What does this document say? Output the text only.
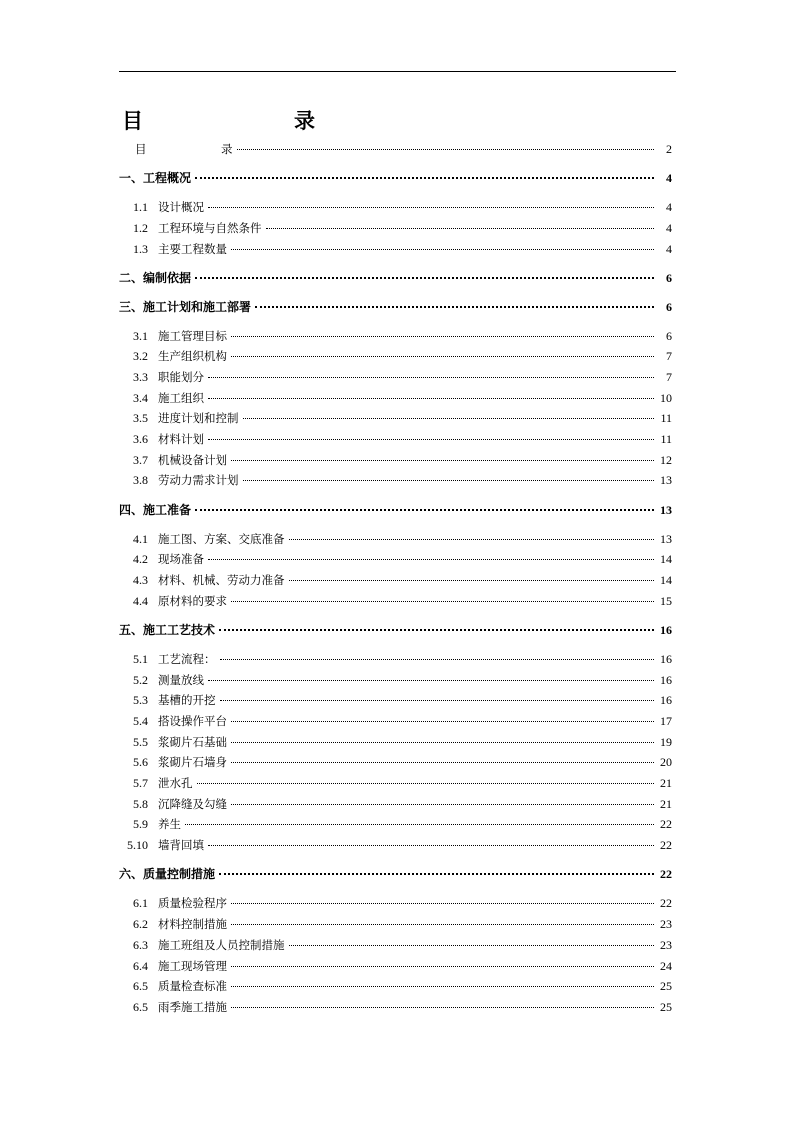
目	录
目	录	2
一、工程概况	4
1.1 设计概况	4
1.2 工程环境与自然条件	4
1.3 主要工程数量	4
二、编制依据	6
三、施工计划和施工部署	6
3.1 施工管理目标	6
3.2 生产组织机构	7
3.3 职能划分	7
3.4 施工组织	10
3.5 进度计划和控制	11
3.6 材料计划	11
3.7 机械设备计划	12
3.8 劳动力需求计划	13
四、施工准备	13
4.1 施工图、方案、交底准备	13
4.2 现场准备	14
4.3 材料、机械、劳动力准备	14
4.4 原材料的要求	15
五、施工工艺技术	16
5.1 工艺流程：	16
5.2 测量放线	16
5.3 基槽的开挖	16
5.4 搭设操作平台	17
5.5 浆砌片石基础	19
5.6 浆砌片石墙身	20
5.7 泄水孔	21
5.8 沉降缝及勾缝	21
5.9 养生	22
5.10 墙背回填	22
六、质量控制措施	22
6.1 质量检验程序	22
6.2 材料控制措施	23
6.3 施工班组及人员控制措施	23
6.4 施工现场管理	24
6.5 质量检查标准	25
6.5 雨季施工措施	25
